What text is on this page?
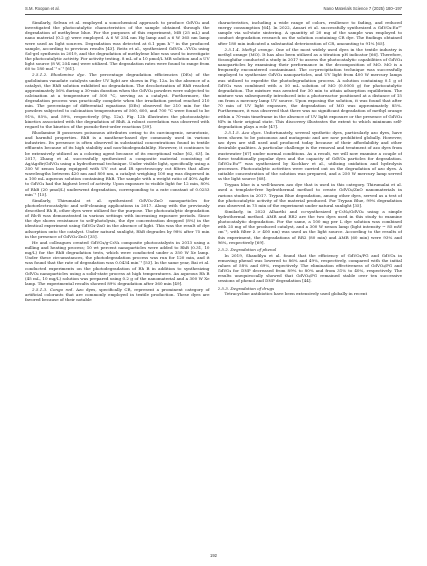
S.M. Roopan et al.	Nano Materials Science 7 (2025) 180–197

Similarly, Selvan et al. employed a sonochemical approach to produce GdVO₄ and investigated the photocatalytic characteristics of the sample obtained through the degradation of methylene blue. For the purposes of this experiment, MB (25 mL) and nano material (0.2 g) were employed. A 6 W 254 nm Hg lamp and a 6 W 365 nm lamp were used as light sources. Degradation was detected at 6.1 ppm h⁻¹ in the produced sample, according to previous results [43]. Reitz et al., synthesized GdVO₄ –YVO₄ using Sol-gel synthesis in 2019, and the degradation of methylene blue was used to investigate the photocatalytic activity. For activity testing, 8 mL of a 10 μmol/L MB solution and a UV light source (8 W, 254 nm) were utilized. The degradation rates were found to range from 60 to 180 mol⁻¹ s⁻¹ [61].

2.5.1.2. Rhodamine dye. The percentage degradation efficiencies (DEs) of the gadolinium vanadate catalysts under UV light are shown in Fig. 12a. In the absence of a catalyst, the RhB solution exhibited no degradation. The decolorization of RhB reached approximately 56% during a 30-min duration when the GdVO₄ powders were subjected to calcination at a temperature of 500 °C, serving as a catalyst. Furthermore, the degradation process was practically complete when the irradiation period reached 210 min. The percentage of differential equations (DEs) observed for 210 min for the powders subjected to calcination temperatures of 500, 600, and 700 °C were found to be 91%, 85%, and 59%, respectively (Fig. 12a). Fig. 12b illustrates the photocatalytic kinetics associated with the degradation of RhB. A robust correlation was observed with regard to the kinetics of the pseudo-first-order reactions [39].

Rhodamine B possesses poisonous attributes owing to its carcinogenic, neurotoxic, and harmful properties. RhB is a xanthene-based dye commonly used in various industries. Its presence is often observed in substantial concentrations found in textile effluents because of its high stability and non-biodegradability. However, it continues to be extensively utilized as a coloring agent because of its exceptional value [62, 63]. In 2017, Zhang et al. successfully synthesized a composite material consisting of Ag/Ag₃Br/GdVO₄ using a hydrothermal technique. Under visible light, specifically using a 350 W xenon lamp equipped with UV cut and IR spectroscopy cut filters that allow wavelengths between 420 nm and 800 nm, a catalyst weighing 100 mg was dispersed in a 100 mL aqueous solution containing RhB. The sample with a weight ratio of 40% AgBr to GdVO₄ had the highest level of activity. Upon exposure to visible light for 12 min, 80% of RhB (20 μmol/L) underwent degradation, corresponding to a rate constant of 0.0253 min⁻¹ [15].

Similarly, Thirumalai et al. synthesized GdVO₄-ZnO nanoparticles for photoelectrocatalytic and self-cleaning applications in 2017. Along with the previously described Rh B, other dyes were utilized for the purpose. The photocatalytic degradation of Rh-B was demonstrated in various settings with increasing exposure periods. Since the dye shows resistance to self-photolysis, the dye concentration dropped (8%) in the identical experiment using GdVO₄-ZnO in the absence of light. This was the result of dye adsorption onto the catalyst. Under natural sunlight, RhB degrades by 98% after 75 min in the presence of GdVO₄-ZnO [35].

He and colleagues created GdVO₄/g-C₃N₄ composite photocatalysts in 2013 using a milling and heating process; 10 wt percent nanoparticles were added to RhB (0.31, 10 mg/L) for the RhB degradation tests, which were conducted under a 350 W Xe lamp. Under these circumstances, the photodegradation process was run for 120 min, and it was found that the rate of degradation was 0.0434 min⁻¹ [53]. In the same year, Bai et al. conducted experiments on the photodegradation of Rh B in addition to synthesizing GdVO₄ nanoparticles using a solid-state process at high temperatures. An aqueous Rh B (45 mL, 10 mg/L) solution was prepared using 0.2 g of the nanomaterial and a 300 W Xe lamp. The experimental results showed 89% degradation after 360 min [49].

2.5.1.3. Congo red. Azo dyes, specifically CR, represent a prominent category of artificial colorants that are commonly employed in textile production. These dyes are favored because of their notable

characteristics, including a wide range of colors, resilience to fading, and reduced energy consumption [64]. In 2022, Ansari et al. successfully synthesized a GdVO₄:Eu³⁺ sample via sol-state sintering. A quantity of 20 mg of the sample was employed to conduct degradation research on the solution containing CR dye. The findings obtained after 180 min indicated a substantial deterioration of CR, amounting to 91% [65].

2.5.1.4. Methyl orange. One of the most widely used dyes in the textile industry is methyl orange (MO). It has also been utilized as a titration pH indicator [66]. Therefore, Vosoughifar conducted a study in 2017 to assess the photocatalytic capabilities of GdVO₄ nanoparticles by examining their performance in the decomposition of MO. MO is a frequently encountered contaminant. The co-precipitation technique was successfully employed to synthesize GdVO₄ nanoparticles, and UV light from 400 W mercury lamps was utilized to expedite the photodegradation process. A solution containing 0.1 g of GdVO₄ was combined with a 50 mL solution of MO (0.0005 g) for photocatalytic degradation. The mixture was aerated for 30 min to attain adsorption equilibrium. The mixture was subsequently introduced into a photoreactor positioned at a distance of 15 cm from a mercury lamp UV source. Upon exposing the solution, it was found that after 70 min of UV light exposure, the degradation of MO was approximately 85%. Furthermore, it was observed that there was no significant degradation of methyl orange within a 70-min timeframe in the absence of UV light exposure or the presence of GdVO₄ NPs in their original state. This discovery illustrates the extent to which minimum self-degradation plays a role [47].

2.5.1.5. Azo dyes. Unfortunately, several synthetic dyes, particularly azo dyes, have been shown to be poisonous and mutagenic and are now prohibited globally. However, azo dyes are still used and produced today because of their affordability and other desirable qualities. A particular challenge is the removal and treatment of azo dyes from wastewater [67] under normal conditions. As a result, we will now examine a couple of these traditionally popular dyes and the capacity of GdVO₄ particles for degradation. GdVO₄:Eu³⁺ was synthesized by Kochkov et al., utilizing oxidation and hydrolysis processes. Photocatalytic activities were carried out on the degradation of azo dyes. A suitable concentration of the solution was prepared, and a 250 W mercury lamp served as the light source [68].

Trypan blue is a well-known azo dye that is used in this category. Thirumalai et al. used a template-free hydrothermal method to create GdVO₄/ZnO nanomaterials in various studies in 2017. Trypan Blue degradation, among other dyes, served as a test of the photocatalytic activity of the material produced. For Trypan Blue, 99% degradation was observed in 75 min of the experiment under natural sunlight [35].

Similarly, in 2023 Alharthi and co-synthesized g-C₃N₄/GdVO₄ using a simple hydrothermal method. AMR and RR2 are the two dyes used in this study to examine photocatalytic degradation. For the same, a 100 mg per L dye solution was combined with 25 mg of the produced catalyst, and a 300 W xenon lamp (light intensity ~ 85 mW cm⁻², with filter λ > 400 nm) was used as the light source. According to the results of this experiment, the degradations of RR2 (80 min) and AMR (60 min) were 93% and 96%, respectively [69].

2.5.2. Degradation of phenol

In 2019, Shandilya et al. found that the efficiency of GdVO₄/PG and GdVO₄ in removing phenol was lowered to 86% and 49%, respectively, compared with the initial values of 58% and 69%, respectively. The elimination effectiveness of GdVO₄/PG and GdVO₄ for DNP decreased from 89% to 80% and from 31% to 40%, respectively. The results unequivocally showed that GdVO₄/PG remained stable over ten successive sessions of phenol and DNP degradation [44].

2.5.3. Degradation of drugs

Tetracycline antibiotics have been extensively used globally in recent

192
